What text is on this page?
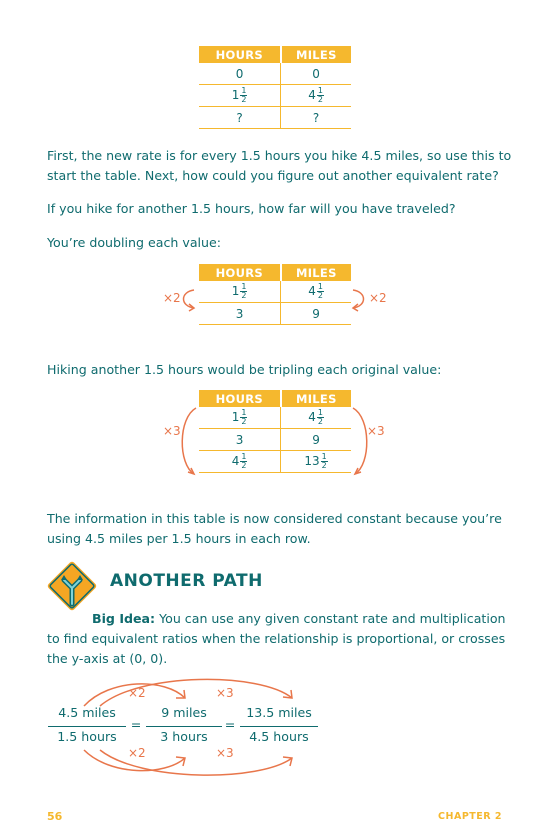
HOURS	MILES
0	0
$1 \frac{1}{2}$	$4 \frac{1}{2}$

?	?
First, the new rate is for every 1.5 hours you hike 4.5 miles, so use this to start the table. Next, how could you figure out another equivalent rate?
If you hike for another 1.5 hours, how far will you have traveled?
You’re doubling each value:
HOURS	MILES
$1 \frac{1}{2}$	$4 \frac{1}{2}$

3	9
×2	×2
Hiking another 1.5 hours would be tripling each original value:
HOURS	MILES
$1 \frac{1}{2}$	$4 \frac{1}{2}$

3	9
$4 \frac{1}{2}$	$13 \frac{1}{2}$
×3	×3
The information in this table is now considered constant because you’re using 4.5 miles per 1.5 hours in each row.
ANOTHER PATH
Big Idea: You can use any given constant rate and multiplication to find equivalent ratios when the relationship is proportional, or crosses the y-axis at (0, 0).
×2	×3
4.5 miles
1.5 hours
=
9 miles
3 hours
=
13.5 miles
4.5 hours
×2	×3
56	CHAPTER 2
